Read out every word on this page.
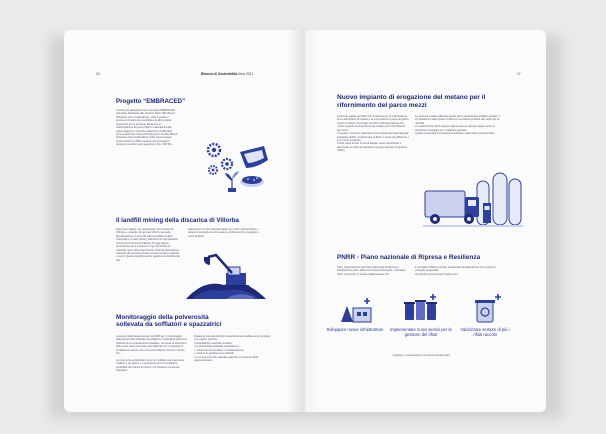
Bilancio di Sostenibilità Anno 2021
16
Progetto “EMBRACED”

Continua la partecipazione al progetto EMBRACED, finanziato dal bando UE “Horizon 2020” (Bio Based Industries Joint Undertaking), volto a gestire il processo di riciclo dei pannolini e di altri prodotti assorbenti per la persona, attraverso la trasformazione di questi rifiuti in materiali ad alto valore aggiunto, come bio-plastiche e fertilizzanti. (The project has received funding from the Bio Based Industries Joint Undertaking under the European Union’s Horizon 2020 research and innovation programme under grant agreement No. 745746).

Il landfill mining della discarica di Villorba

Dopo aver siglato una partnership con Comune di Villorba e, a partire da gennaio 2021 si procede all’escavazione di circa 80 mila tonnellate di rifiuti, industriali e in parte urbani, all’interno di una discarica chiusa nel Comune di Villorba. Ad oggi stiamo procedendo per il recupero in ogni tonnellata di materiali. Sono rifiuti ingombranti, rifiuti da demolizione, materiali che possono essere recuperati (ferro, plastica e inerti). Questo significa anche garantire la bonifica del sito.

destinazione le due aziende leader per ricicli, polimerizzare e tessuti di seconda vita che saranno utilizzati a fini energetici o nuovi prodotti.

Monitoraggio della polverosità sollevata da soffiatori e spazzatrici

A seguito dello studio avviato nel 2020 per il monitoraggio della polverosità sollevata da soffiatori e spazzatrici (strumenti utilizzati per lo spazzamento stradale), nel mese di settembre 2021 sono stati presentati i dati elaborati con il supporto di Fondazione Intesa e dei Consorzi di Bacino Priula e Treviso Tre.

La ricerca ha evidenziato come tra i soffiatori da mantenere l’utilizzo è più basso. Le spazzatrici sono la soluzione preferibile per ridurre le polveri, ma risultano comunque inquinanti.

Queste le consulte attività di spazzamento stradale sono contraste e le migliori pratiche:
• la qualità del materiale prodotto;
• la qualità delle particelle aerodisperse;
• i parametri da prendere in considerazione;
• i sistemi di spazzamento utilizzati;
• le componenti del materiale spazzato in funzione della pavimentazione.

17
Nuovo impianto di erogazione del metano per il rifornimento del parco mezzi

L’accordo siglato nel 2019 con Contarina per la realizzazione di un distributore di metano e la conversione di parte del parco mezzi a metano, ha portato nel 2021 all’inaugurazione del nuovo impianto di erogazione del metano per il rifornimento dei mezzi.
L’impianto consente, attraverso la tecnologia del Gas Naturale Liquefatto (GNL), di alimentare la flotta in modo più efficiente e con minori emissioni.
Il GNL viene fornito in forma liquida, viene vaporizzato e alimentato ai mezzi di raccolta come gas naturale compresso (GNC).

La struttura è stata realizzata grazie ad un partenariato pubblico-privato, il cui obiettivo è stato quello di ridurre le emissioni prodotte dai mezzi per la raccolta.
La realizzazione dell’impianto rappresenta un ulteriore passo verso la transizione ecologica per il trasporto pesante.
Questo consentirà a Contarina di utilizzare carburante ecosostenibile.

PNRR - Piano nazionale di Ripresa e Resilienza

Dopo l’approvazione del Piano Nazionale di Ripresa e Resilienza da parte della Commissione Europea, nell’estate 2021, Contarina, in stretta collaborazione con

il Consiglio di Bacino Priula, ha lavorato all’elaborazione di un piano di proposte progettuali.
Gli obiettivi generali dei progetti sono:

Sviluppare nuove infrastrutture	Implementare nuovi servizi per la gestione dei rifiuti
(migliorare e meccanizzare il servizio di raccolta rifiuti)
Valorizzare sempre di più i rifiuti raccolti
